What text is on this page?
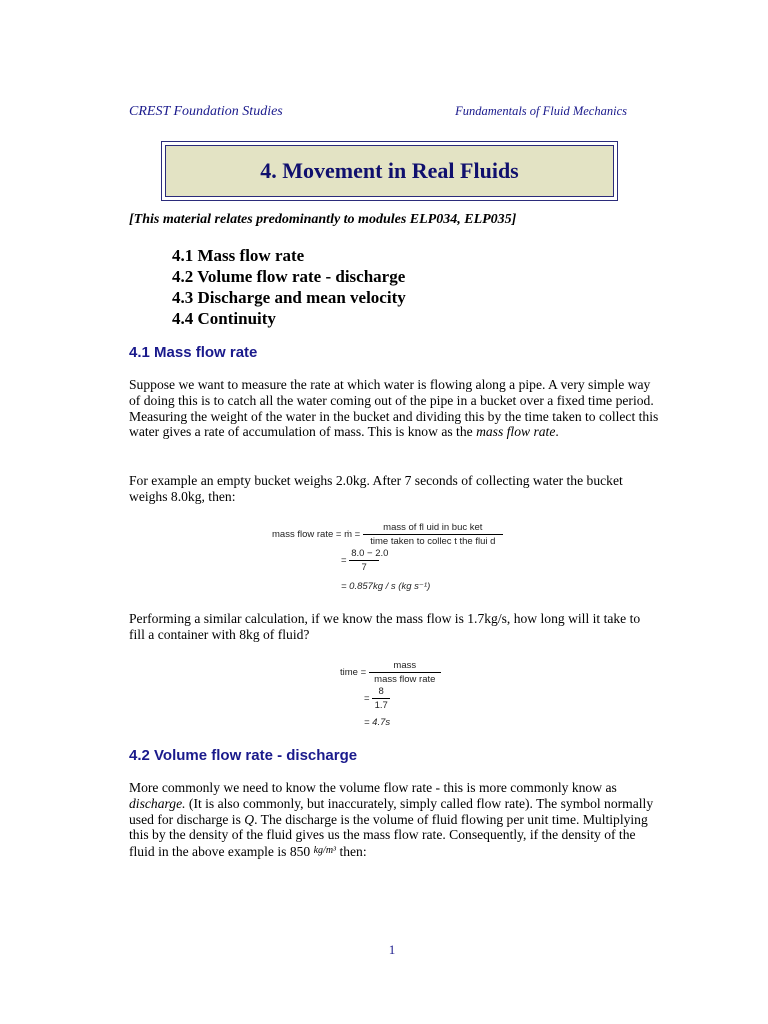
CREST Foundation Studies	Fundamentals of Fluid Mechanics
4. Movement in Real Fluids
[This material relates predominantly to modules ELP034, ELP035]
4.1 Mass flow rate
4.2 Volume flow rate - discharge
4.3 Discharge and mean velocity
4.4 Continuity
4.1 Mass flow rate
Suppose we want to measure the rate at which water is flowing along a pipe. A very simple way of doing this is to catch all the water coming out of the pipe in a bucket over a fixed time period. Measuring the weight of the water in the bucket and dividing this by the time taken to collect this water gives a rate of accumulation of mass. This is know as the mass flow rate.
For example an empty bucket weighs 2.0kg. After 7 seconds of collecting water the bucket weighs 8.0kg, then:
mass flow rate = ṁ = $\frac{\text{mass of fl uid in buc ket}}{\text{time taken to collec t the flui d}}$
= $\frac{8.0 - 2.0}{7}$
= 0.857kg / s (kg s⁻¹)
Performing a similar calculation, if we know the mass flow is 1.7kg/s, how long will it take to fill a container with 8kg of fluid?
time = $\frac{\text{mass}}{\text{mass flow rate}}$
= $\frac{8}{1.7}$
= 4.7s
4.2 Volume flow rate - discharge
More commonly we need to know the volume flow rate - this is more commonly know as discharge. (It is also commonly, but inaccurately, simply called flow rate). The symbol normally used for discharge is Q. The discharge is the volume of fluid flowing per unit time. Multiplying this by the density of the fluid gives us the mass flow rate. Consequently, if the density of the fluid in the above example is 850 $^{kg/m^3}$ then:
1
